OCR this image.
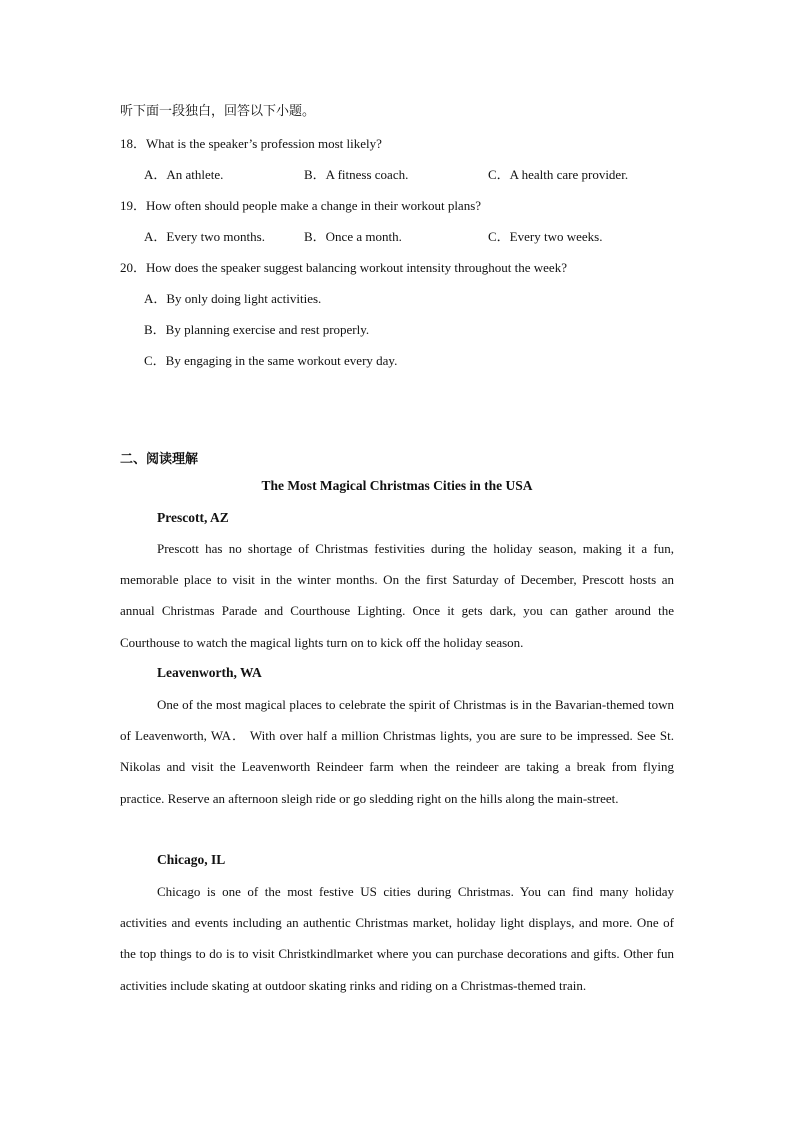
听下面一段独白，回答以下小题。
18．What is the speaker’s profession most likely?
A．An athlete.	B．A fitness coach.	C．A health care provider.
19．How often should people make a change in their workout plans?
A．Every two months.	B．Once a month.	C．Every two weeks.
20．How does the speaker suggest balancing workout intensity throughout the week?
A．By only doing light activities.
B．By planning exercise and rest properly.
C．By engaging in the same workout every day.
二、阅读理解
The Most Magical Christmas Cities in the USA
Prescott, AZ
Prescott has no shortage of Christmas festivities during the holiday season, making it a fun, memorable place to visit in the winter months. On the first Saturday of December, Prescott hosts an annual Christmas Parade and Courthouse Lighting. Once it gets dark, you can gather around the Courthouse to watch the magical lights turn on to kick off the holiday season.
Leavenworth, WA
One of the most magical places to celebrate the spirit of Christmas is in the Bavarian-themed town of Leavenworth, WA． With over half a million Christmas lights, you are sure to be impressed. See St. Nikolas and visit the Leavenworth Reindeer farm when the reindeer are taking a break from flying practice. Reserve an afternoon sleigh ride or go sledding right on the hills along the main-street.
Chicago, IL
Chicago is one of the most festive US cities during Christmas. You can find many holiday activities and events including an authentic Christmas market, holiday light displays, and more. One of the top things to do is to visit Christkindlmarket where you can purchase decorations and gifts. Other fun activities include skating at outdoor skating rinks and riding on a Christmas-themed train.
